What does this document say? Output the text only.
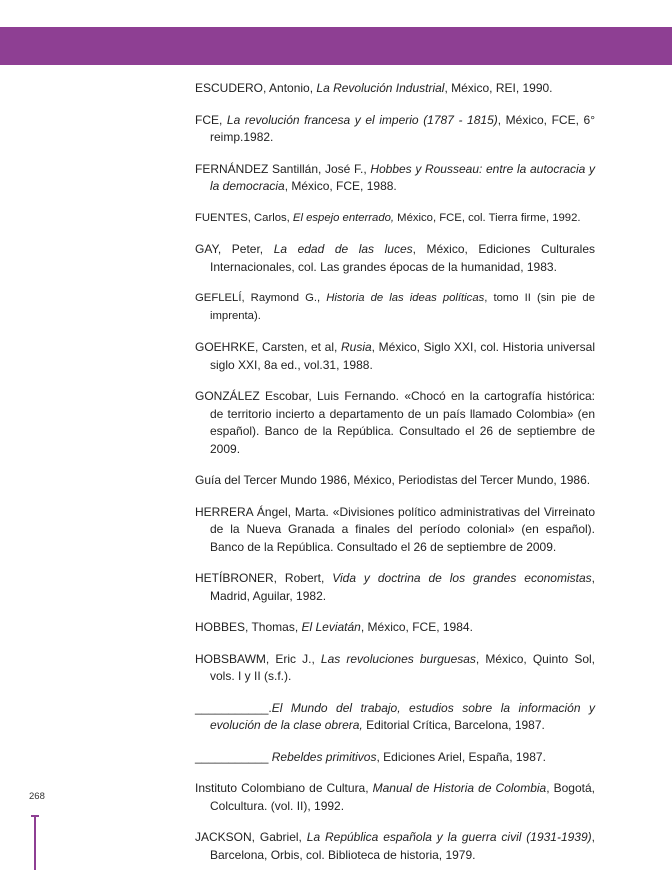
ESCUDERO, Antonio, La Revolución Industrial, México, REI, 1990.

FCE, La revolución francesa y el imperio (1787 - 1815), México, FCE, 6° reimp.1982.

FERNÁNDEZ Santillán, José F., Hobbes y Rousseau: entre la autocracia y la democracia, México, FCE, 1988.

FUENTES, Carlos, El espejo enterrado, México, FCE, col. Tierra firme, 1992.

GAY, Peter, La edad de las luces, México, Ediciones Culturales Internacionales, col. Las grandes épocas de la humanidad, 1983.

GEFLELÍ, Raymond G., Historia de las ideas políticas, tomo II (sin pie de imprenta).

GOEHRKE, Carsten, et al, Rusia, México, Siglo XXI, col. Historia universal siglo XXI, 8a ed., vol.31, 1988.

GONZÁLEZ Escobar, Luis Fernando. «Chocó en la cartografía histórica: de territorio incierto a departamento de un país llamado Colombia» (en español). Banco de la República. Consultado el 26 de septiembre de 2009.

Guía del Tercer Mundo 1986, México, Periodistas del Tercer Mundo, 1986.

HERRERA Ángel, Marta. «Divisiones político administrativas del Virreinato de la Nueva Granada a finales del período colonial» (en español). Banco de la República. Consultado el 26 de septiembre de 2009.

HETÍBRONER, Robert, Vida y doctrina de los grandes economistas, Madrid, Aguilar, 1982.

HOBBES, Thomas, El Leviatán, México, FCE, 1984.

HOBSBAWM, Eric J., Las revoluciones burguesas, México, Quinto Sol, vols. I y II (s.f.).

___________.El Mundo del trabajo, estudios sobre la información y evolución de la clase obrera, Editorial Crítica, Barcelona, 1987.

___________ Rebeldes primitivos, Ediciones Ariel, España, 1987.

Instituto Colombiano de Cultura, Manual de Historia de Colombia, Bogotá, Colcultura. (vol. II), 1992.

JACKSON, Gabriel, La República española y la guerra civil (1931-1939), Barcelona, Orbis, col. Biblioteca de historia, 1979.

268
